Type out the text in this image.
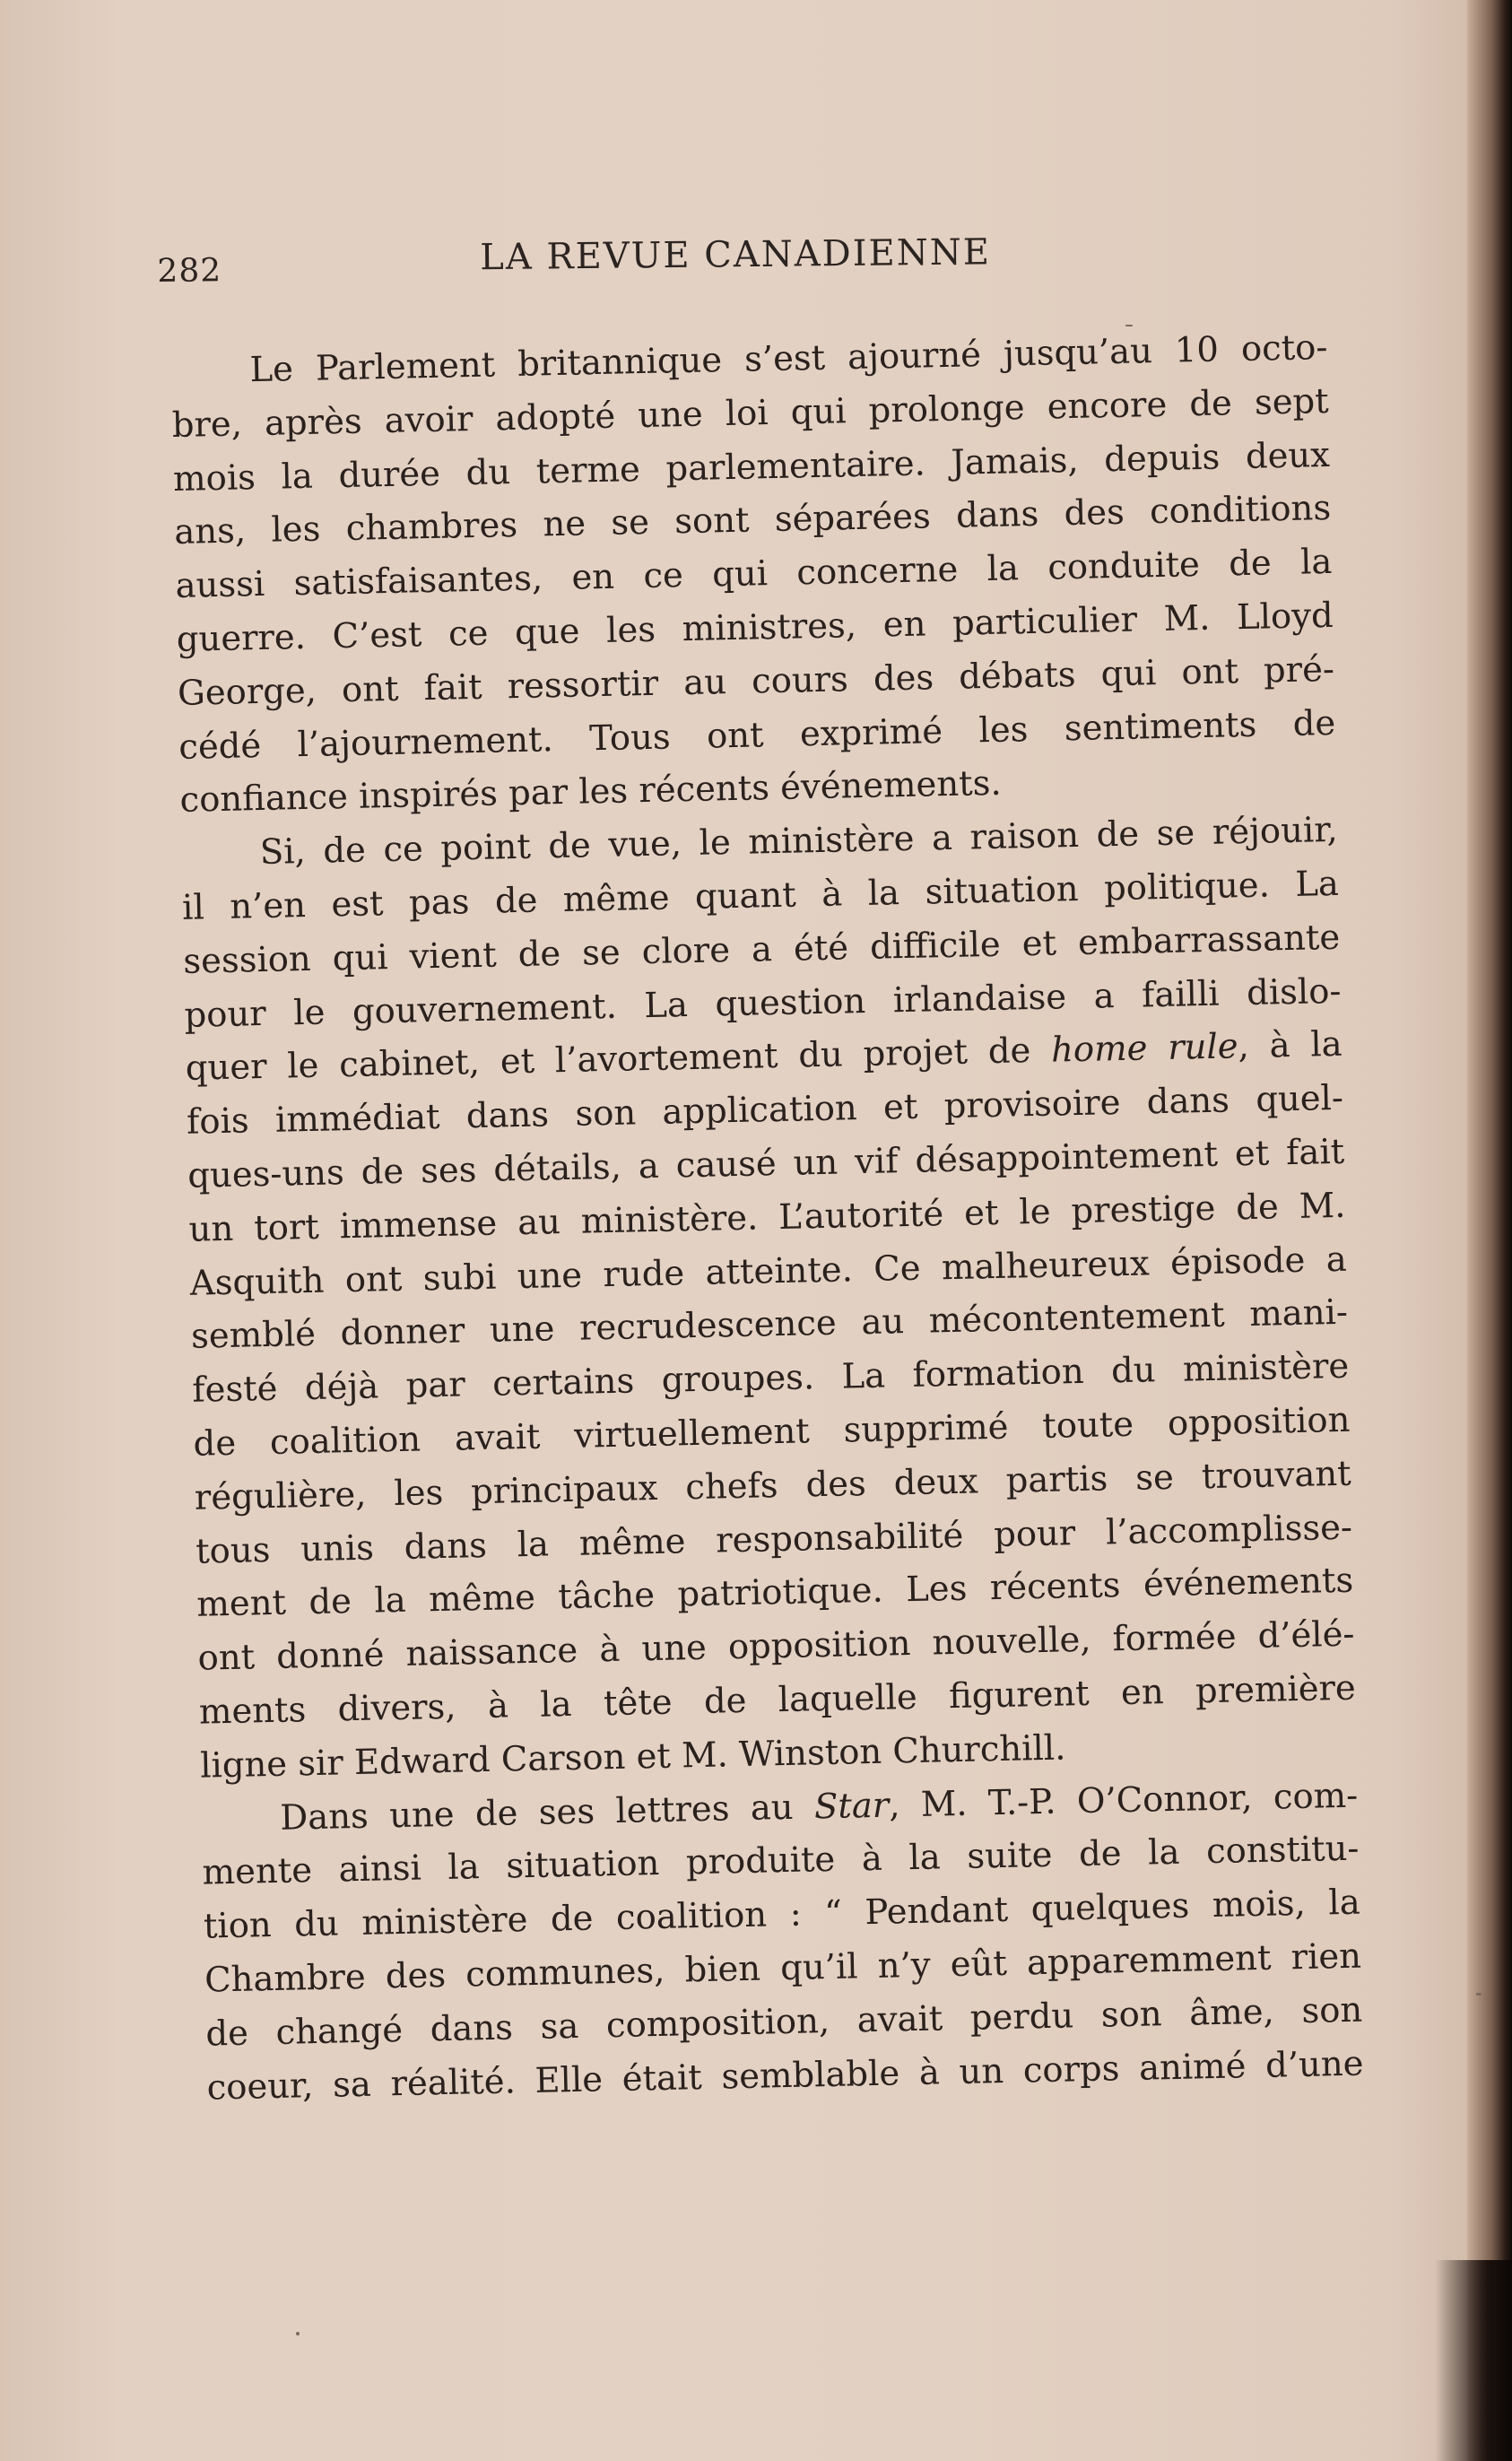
282	LA REVUE CANADIENNE
Le Parlement britannique s’est ajourné jusqu’au 10 octo-
bre, après avoir adopté une loi qui prolonge encore de sept
mois la durée du terme parlementaire. Jamais, depuis deux
ans, les chambres ne se sont séparées dans des conditions
aussi satisfaisantes, en ce qui concerne la conduite de la
guerre. C’est ce que les ministres, en particulier M. Lloyd
George, ont fait ressortir au cours des débats qui ont pré-
cédé l’ajournement. Tous ont exprimé les sentiments de
confiance inspirés par les récents événements.
Si, de ce point de vue, le ministère a raison de se réjouir,
il n’en est pas de même quant à la situation politique. La
session qui vient de se clore a été difficile et embarrassante
pour le gouvernement. La question irlandaise a failli dislo-
quer le cabinet, et l’avortement du projet de home rule, à la
fois immédiat dans son application et provisoire dans quel-
ques-uns de ses détails, a causé un vif désappointement et fait
un tort immense au ministère. L’autorité et le prestige de M.
Asquith ont subi une rude atteinte. Ce malheureux épisode a
semblé donner une recrudescence au mécontentement mani-
festé déjà par certains groupes. La formation du ministère
de coalition avait virtuellement supprimé toute opposition
régulière, les principaux chefs des deux partis se trouvant
tous unis dans la même responsabilité pour l’accomplisse-
ment de la même tâche patriotique. Les récents événements
ont donné naissance à une opposition nouvelle, formée d’élé-
ments divers, à la tête de laquelle figurent en première
ligne sir Edward Carson et M. Winston Churchill.
Dans une de ses lettres au Star, M. T.-P. O’Connor, com-
mente ainsi la situation produite à la suite de la constitu-
tion du ministère de coalition : “ Pendant quelques mois, la
Chambre des communes, bien qu’il n’y eût apparemment rien
de changé dans sa composition, avait perdu son âme, son
coeur, sa réalité. Elle était semblable à un corps animé d’une
